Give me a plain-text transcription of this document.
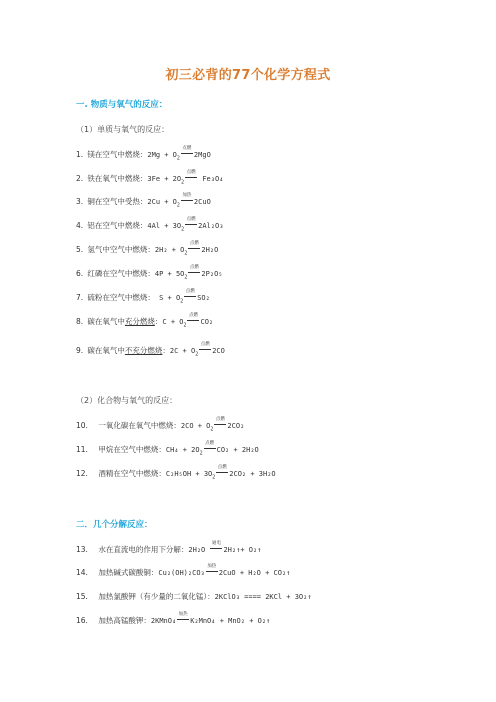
初三必背的77个化学方程式
一. 物质与氧气的反应：
（1）单质与氧气的反应：
1. 镁在空气中燃烧：$2Mg + O_2$
点燃
2MgO
2. 铁在氧气中燃烧：$3Fe + 2O_2$
点燃
Fe₃O₄
3. 铜在空气中受热：$2Cu + O_2$
加热
2CuO
4. 铝在空气中燃烧：$4Al + 3O_2$
点燃
2Al₂O₃
5. 氢气中空气中燃烧：$2H_2 + O_2$
点燃
2H₂O
6. 红磷在空气中燃烧：$4P + 5O_2$
点燃
2P₂O₅
7. 硫粉在空气中燃烧： $S + O_2$
点燃
SO₂
8. 碳在氧气中充分燃烧：$C + O_2$
点燃
CO₂
9. 碳在氧气中不充分燃烧：$2C + O_2$
点燃
2CO
10. 一氧化碳在氧气中燃烧：$2CO + O_2$
点燃
2CO₂
11. 甲烷在空气中燃烧：$CH_4 + 2O_2$
点燃
CO₂ + 2H₂O
12. 酒精在空气中燃烧：$C_2H_5OH + 3O_2$
点燃
2CO₂ + 3H₂O
13. 水在直流电的作用下分解：2H₂O
通电
2H₂↑+ O₂↑
14. 加热碱式碳酸铜：Cu₂(OH)₂CO₃
加热
2CuO + H₂O + CO₂↑
15. 加热氯酸钾（有少量的二氧化锰）：2KClO₃ ==== 2KCl + 3O₂↑
16. 加热高锰酸钾：2KMnO₄
加热
K₂MnO₄ + MnO₂ + O₂↑
（2）化合物与氧气的反应：
二．几个分解反应：
